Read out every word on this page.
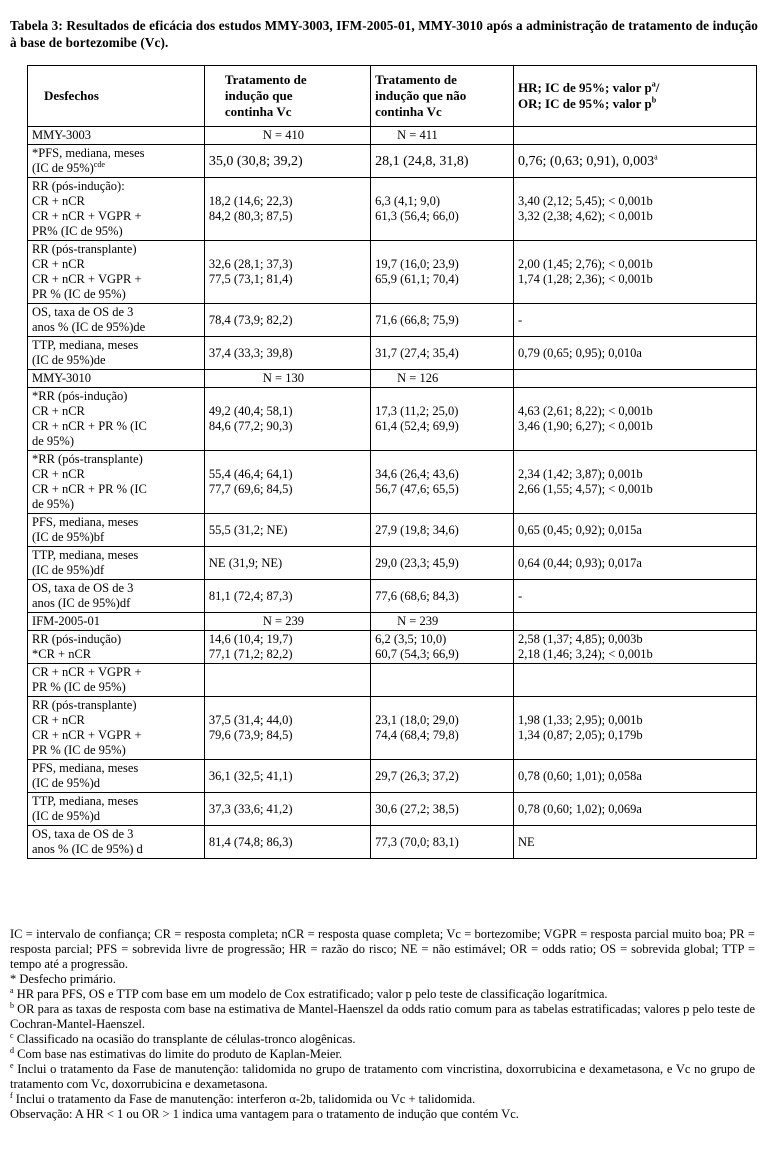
Tabela 3: Resultados de eficácia dos estudos MMY-3003, IFM-2005-01, MMY-3010 após a administração de tratamento de indução à base de bortezomibe (Vc).
Desfechos	Tratamento de
indução que
continha Vc	Tratamento de
indução que não
continha Vc	HR; IC de 95%; valor $p^a/$
OR; IC de 95%; valor $p^b$

MMY-3003	N = 410	N = 411	

*PFS, mediana, meses
(IC de 95%)$^{cde}$	35,0 (30,8; 39,2)	28,1 (24,8, 31,8)	0,76; (0,63; 0,91), 0,003$^a$

RR (pós-indução):
CR + nCR
CR + nCR + VGPR +
PR% (IC de 95%)	18,2 (14,6; 22,3)
84,2 (80,3; 87,5)	6,3 (4,1; 9,0)
61,3 (56,4; 66,0)	3,40 (2,12; 5,45); < 0,001b
3,32 (2,38; 4,62); < 0,001b

RR (pós-transplante)
CR + nCR
CR + nCR + VGPR +
PR % (IC de 95%)	32,6 (28,1; 37,3)
77,5 (73,1; 81,4)	19,7 (16,0; 23,9)
65,9 (61,1; 70,4)	2,00 (1,45; 2,76); < 0,001b
1,74 (1,28; 2,36); < 0,001b

OS, taxa de OS de 3
anos % (IC de 95%)de	78,4 (73,9; 82,2)	71,6 (66,8; 75,9)	-

TTP, mediana, meses
(IC de 95%)de	37,4 (33,3; 39,8)	31,7 (27,4; 35,4)	0,79 (0,65; 0,95); 0,010a

MMY-3010	N = 130	N = 126	

*RR (pós-indução)
CR + nCR
CR + nCR + PR % (IC
de 95%)	49,2 (40,4; 58,1)
84,6 (77,2; 90,3)	17,3 (11,2; 25,0)
61,4 (52,4; 69,9)	4,63 (2,61; 8,22); < 0,001b
3,46 (1,90; 6,27); < 0,001b

*RR (pós-transplante)
CR + nCR
CR + nCR + PR % (IC
de 95%)	55,4 (46,4; 64,1)
77,7 (69,6; 84,5)	34,6 (26,4; 43,6)
56,7 (47,6; 65,5)	2,34 (1,42; 3,87); 0,001b
2,66 (1,55; 4,57); < 0,001b

PFS, mediana, meses
(IC de 95%)bf	55,5 (31,2; NE)	27,9 (19,8; 34,6)	0,65 (0,45; 0,92); 0,015a

TTP, mediana, meses
(IC de 95%)df	NE (31,9; NE)	29,0 (23,3; 45,9)	0,64 (0,44; 0,93); 0,017a

OS, taxa de OS de 3
anos (IC de 95%)df	81,1 (72,4; 87,3)	77,6 (68,6; 84,3)	-

IFM-2005-01	N = 239	N = 239	

RR (pós-indução)
*CR + nCR	14,6 (10,4; 19,7)
77,1 (71,2; 82,2)	6,2 (3,5; 10,0)
60,7 (54,3; 66,9)	2,58 (1,37; 4,85); 0,003b
2,18 (1,46; 3,24); < 0,001b

CR + nCR + VGPR +
PR % (IC de 95%)			

RR (pós-transplante)
CR + nCR
CR + nCR + VGPR +
PR % (IC de 95%)	37,5 (31,4; 44,0)
79,6 (73,9; 84,5)	23,1 (18,0; 29,0)
74,4 (68,4; 79,8)	1,98 (1,33; 2,95); 0,001b
1,34 (0,87; 2,05); 0,179b

PFS, mediana, meses
(IC de 95%)d	36,1 (32,5; 41,1)	29,7 (26,3; 37,2)	0,78 (0,60; 1,01); 0,058a

TTP, mediana, meses
(IC de 95%)d	37,3 (33,6; 41,2)	30,6 (27,2; 38,5)	0,78 (0,60; 1,02); 0,069a

OS, taxa de OS de 3
anos % (IC de 95%) d	81,4 (74,8; 86,3)	77,3 (70,0; 83,1)	NE
IC = intervalo de confiança; CR = resposta completa; nCR = resposta quase completa; Vc = bortezomibe; VGPR = resposta parcial muito boa; PR = resposta parcial; PFS = sobrevida livre de progressão; HR = razão do risco; NE = não estimável; OR = odds ratio; OS = sobrevida global; TTP = tempo até a progressão.
* Desfecho primário.
$^a$ HR para PFS, OS e TTP com base em um modelo de Cox estratificado; valor p pelo teste de classificação logarítmica.
$^b$ OR para as taxas de resposta com base na estimativa de Mantel-Haenszel da odds ratio comum para as tabelas estratificadas; valores p pelo teste de Cochran-Mantel-Haenszel.
$^c$ Classificado na ocasião do transplante de células-tronco alogênicas.
$^d$ Com base nas estimativas do limite do produto de Kaplan-Meier.
$^e$ Inclui o tratamento da Fase de manutenção: talidomida no grupo de tratamento com vincristina, doxorrubicina e dexametasona, e Vc no grupo de tratamento com Vc, doxorrubicina e dexametasona.
$^f$ Inclui o tratamento da Fase de manutenção: interferon α-2b, talidomida ou Vc + talidomida.
Observação: A HR < 1 ou OR > 1 indica uma vantagem para o tratamento de indução que contém Vc.
